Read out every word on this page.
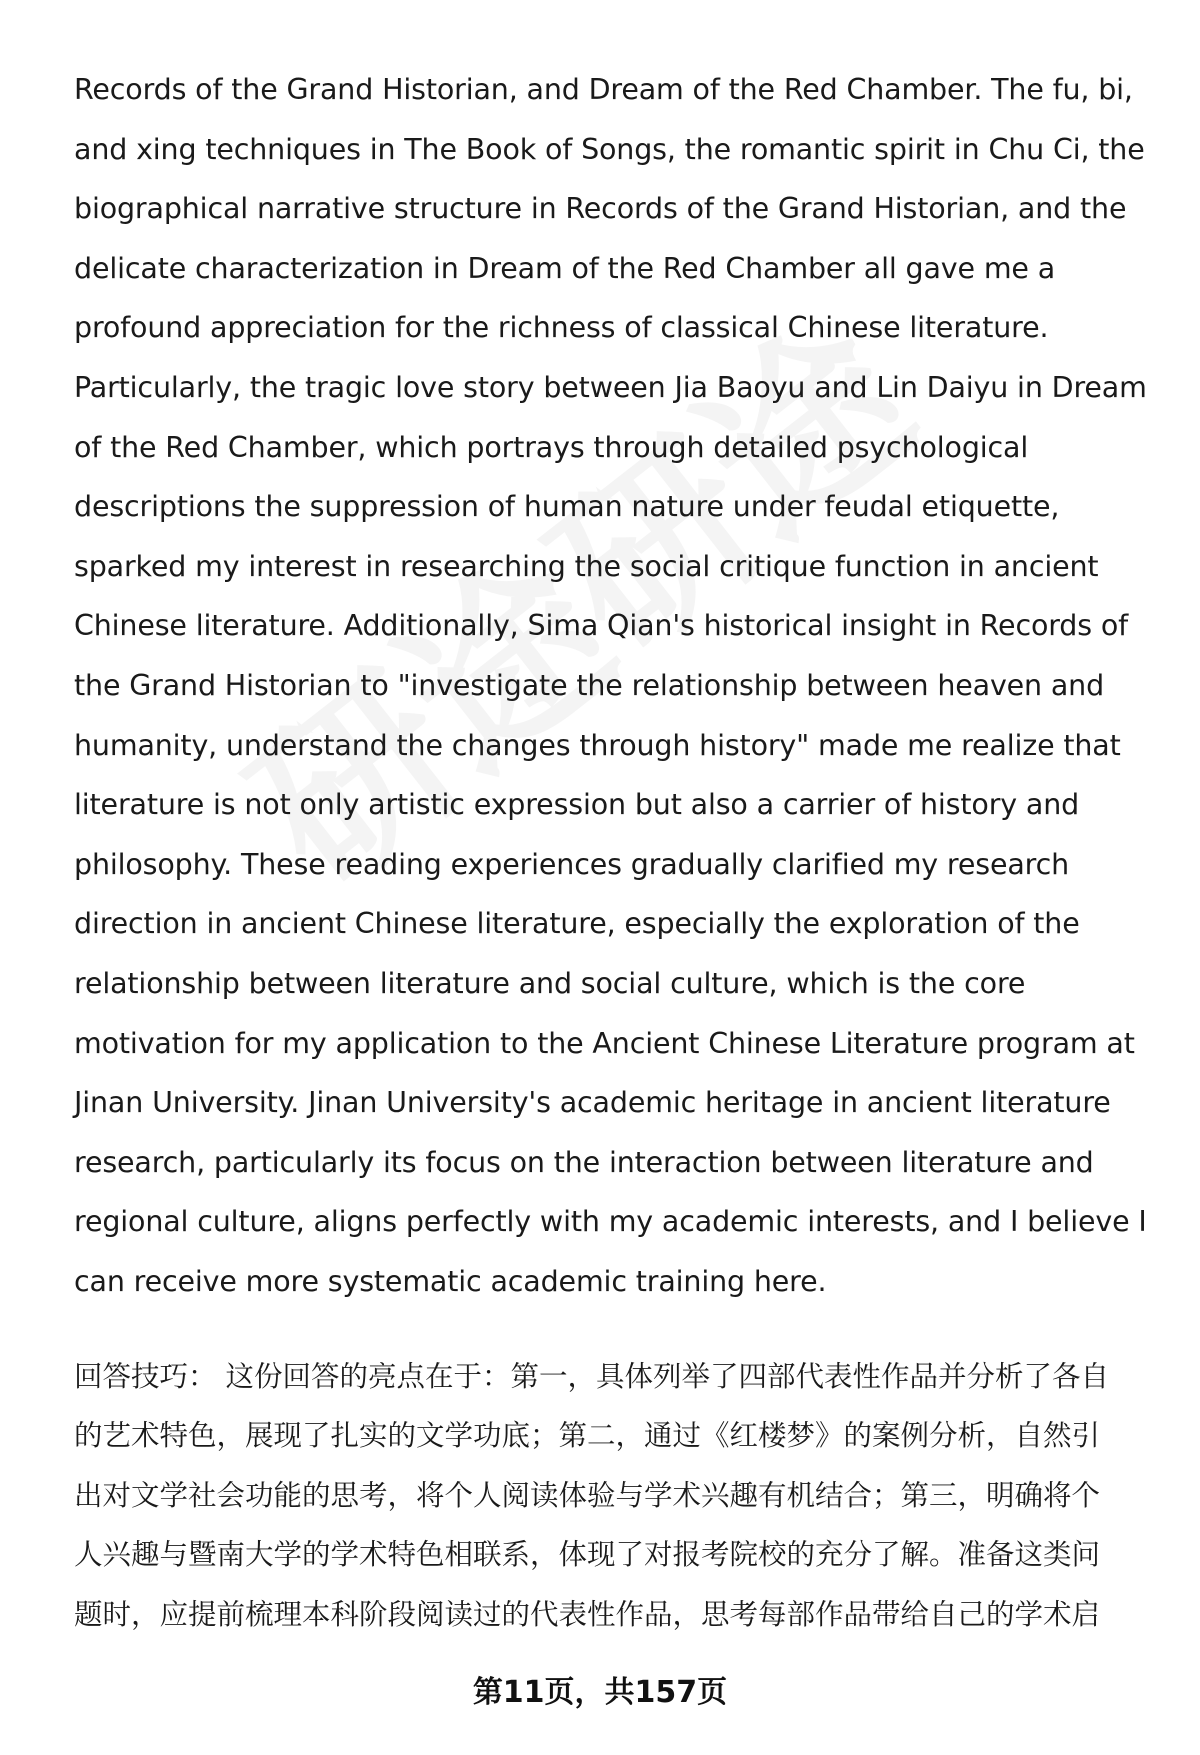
Records of the Grand Historian, and Dream of the Red Chamber. The fu, bi,
and xing techniques in The Book of Songs, the romantic spirit in Chu Ci, the
biographical narrative structure in Records of the Grand Historian, and the
delicate characterization in Dream of the Red Chamber all gave me a
profound appreciation for the richness of classical Chinese literature.
Particularly, the tragic love story between Jia Baoyu and Lin Daiyu in Dream
of the Red Chamber, which portrays through detailed psychological
descriptions the suppression of human nature under feudal etiquette,
sparked my interest in researching the social critique function in ancient
Chinese literature. Additionally, Sima Qian's historical insight in Records of
the Grand Historian to "investigate the relationship between heaven and
humanity, understand the changes through history" made me realize that
literature is not only artistic expression but also a carrier of history and
philosophy. These reading experiences gradually clarified my research
direction in ancient Chinese literature, especially the exploration of the
relationship between literature and social culture, which is the core
motivation for my application to the Ancient Chinese Literature program at
Jinan University. Jinan University's academic heritage in ancient literature
research, particularly its focus on the interaction between literature and
regional culture, aligns perfectly with my academic interests, and I believe I
can receive more systematic academic training here.

回答技巧： 这份回答的亮点在于：第一，具体列举了四部代表性作品并分析了各自
的艺术特色，展现了扎实的文学功底；第二，通过《红楼梦》的案例分析，自然引
出对文学社会功能的思考，将个人阅读体验与学术兴趣有机结合；第三，明确将个
人兴趣与暨南大学的学术特色相联系，体现了对报考院校的充分了解。准备这类问
题时，应提前梳理本科阶段阅读过的代表性作品，思考每部作品带给自己的学术启

第11页，共157页
